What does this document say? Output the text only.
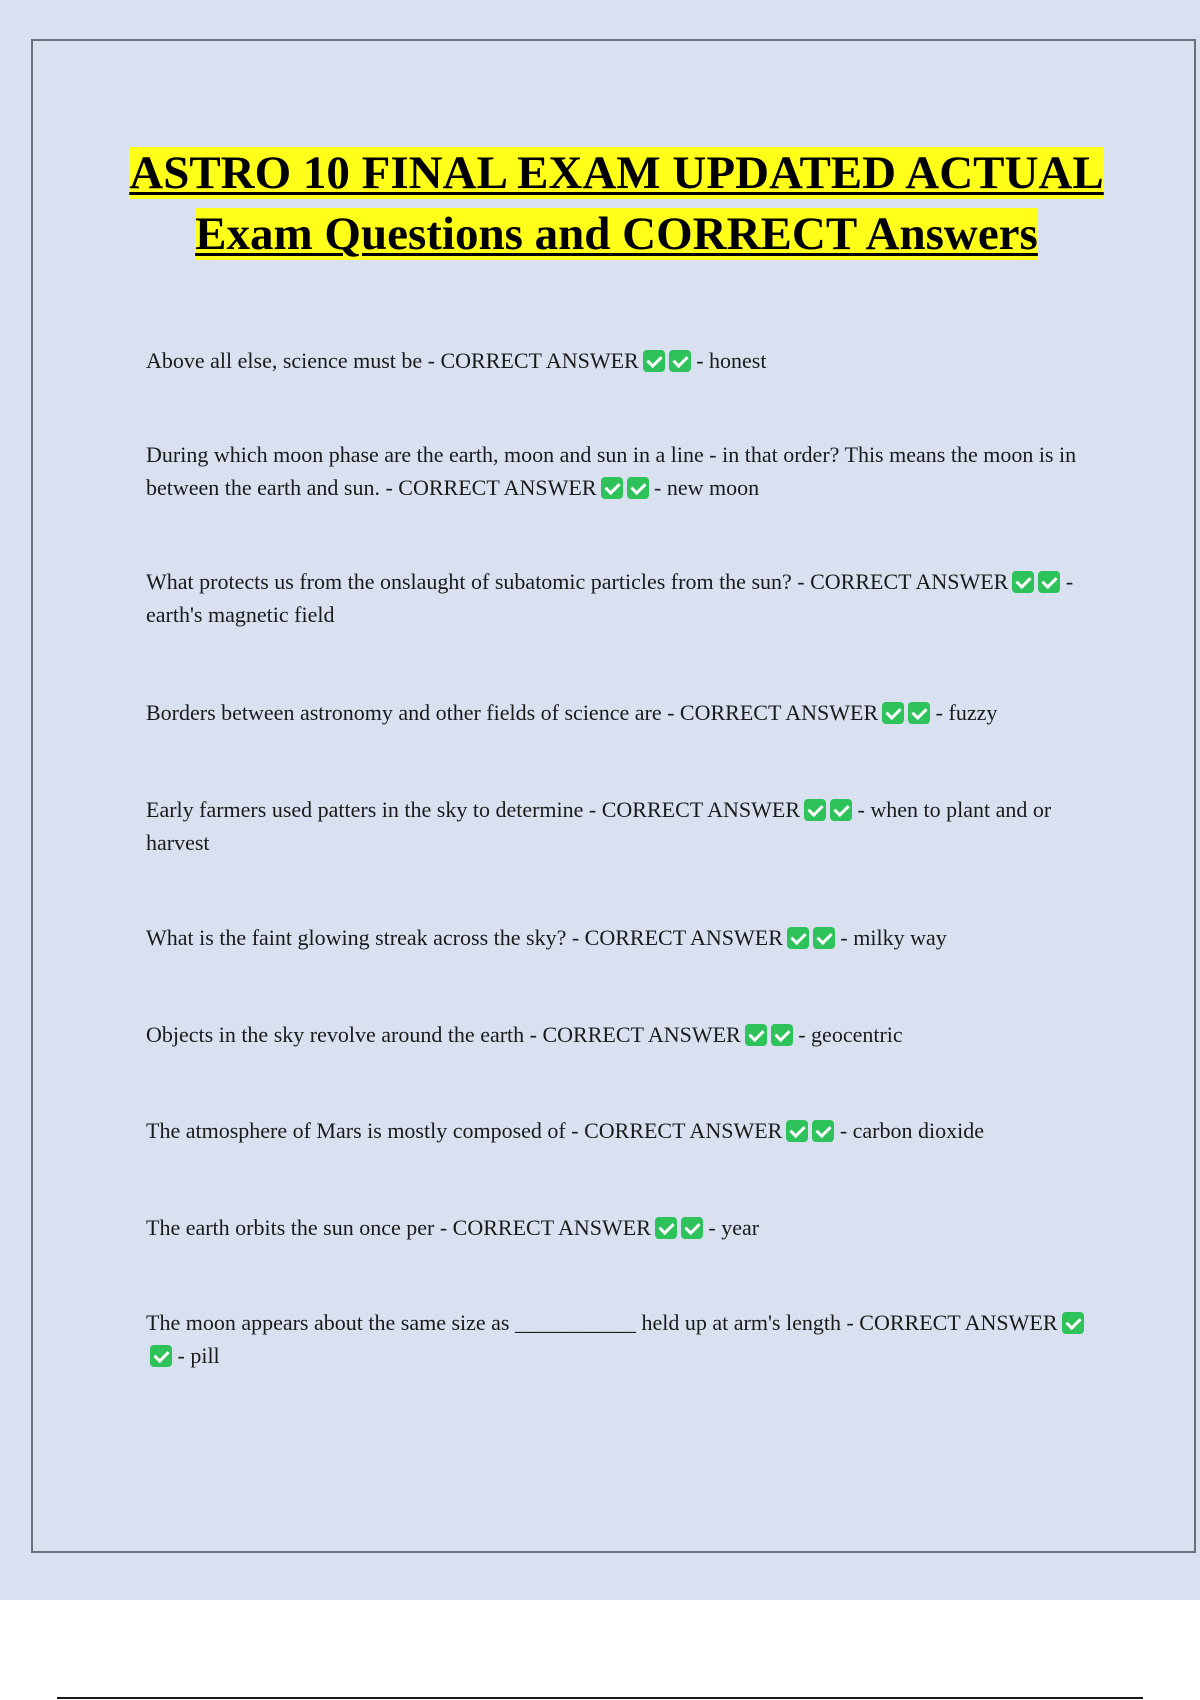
ASTRO 10 FINAL EXAM UPDATED ACTUAL Exam Questions and CORRECT Answers

Above all else, science must be - CORRECT ANSWER - honest

During which moon phase are the earth, moon and sun in a line - in that order? This means the moon is in between the earth and sun. - CORRECT ANSWER - new moon

What protects us from the onslaught of subatomic particles from the sun? - CORRECT ANSWER - earth's magnetic field

Borders between astronomy and other fields of science are - CORRECT ANSWER - fuzzy

Early farmers used patters in the sky to determine - CORRECT ANSWER - when to plant and or harvest

What is the faint glowing streak across the sky? - CORRECT ANSWER - milky way

Objects in the sky revolve around the earth - CORRECT ANSWER - geocentric

The atmosphere of Mars is mostly composed of - CORRECT ANSWER - carbon dioxide

The earth orbits the sun once per - CORRECT ANSWER - year

The moon appears about the same size as ___________ held up at arm's length - CORRECT ANSWER - pill
